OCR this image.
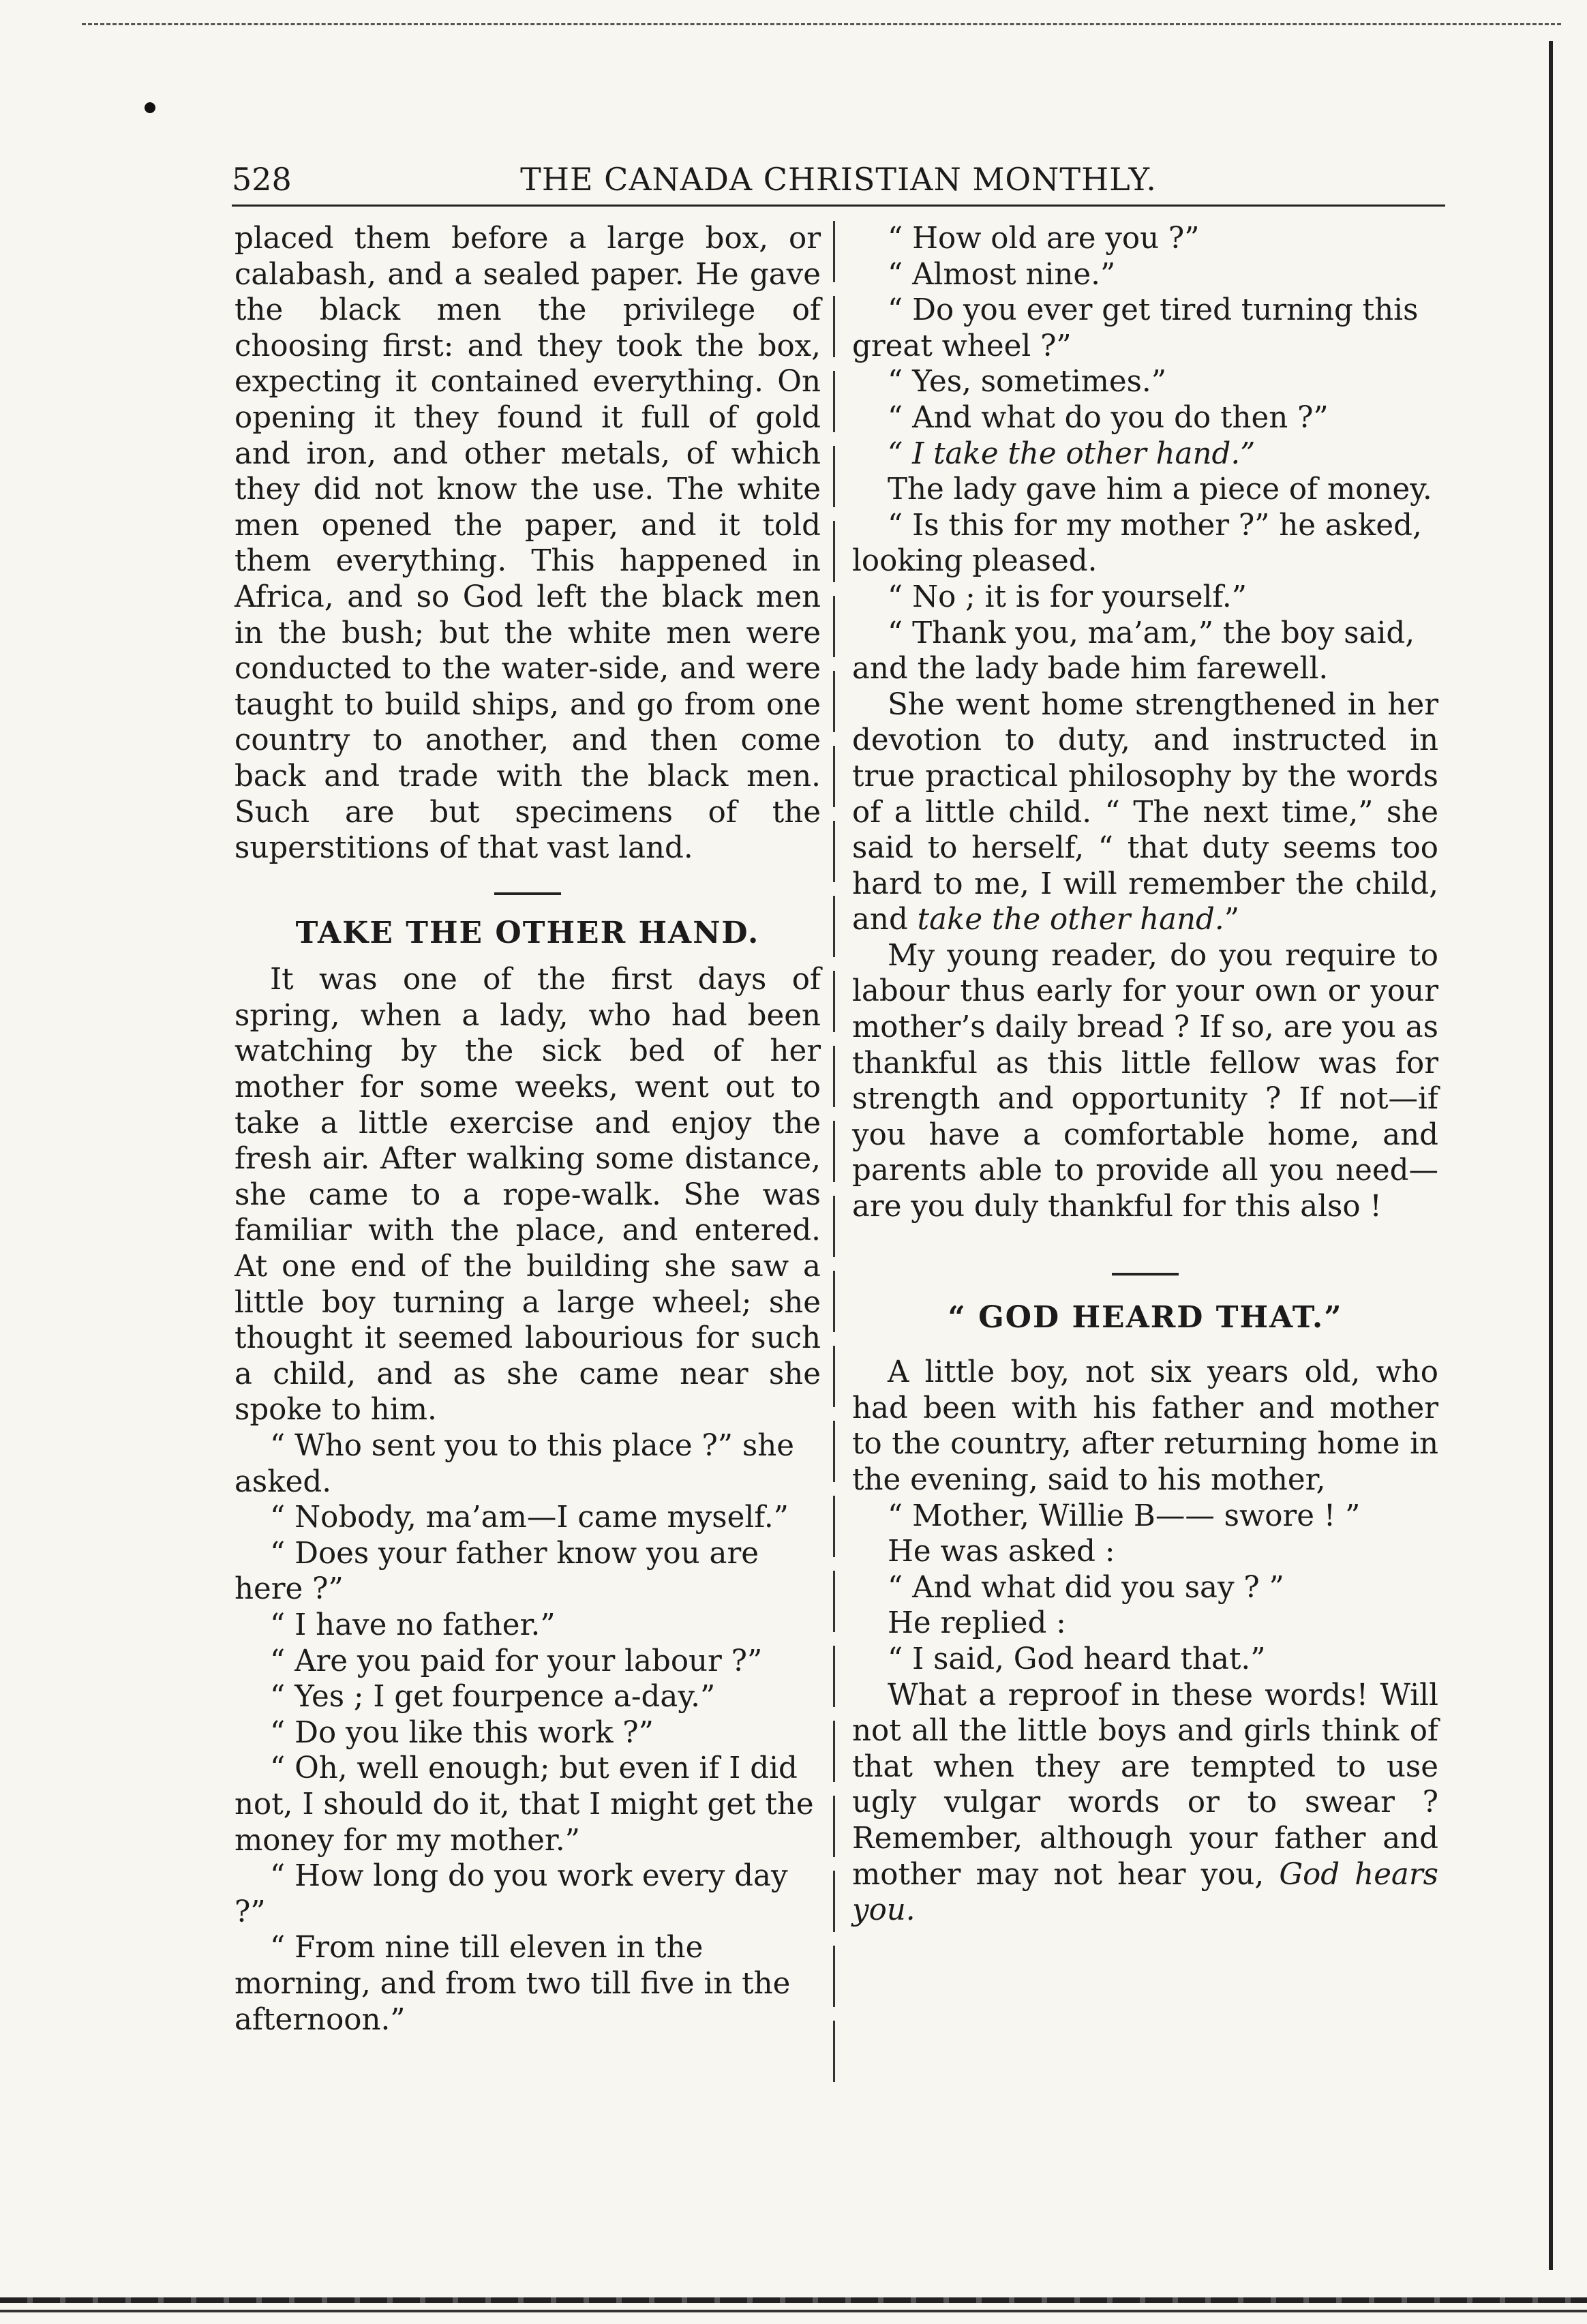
528	THE CANADA CHRISTIAN MONTHLY.

placed them before a large box, or calabash, and a sealed paper. He gave the black men the privilege of choosing first: and they took the box, expecting it contained everything. On opening it they found it full of gold and iron, and other metals, of which they did not know the use. The white men opened the paper, and it told them everything. This happened in Africa, and so God left the black men in the bush; but the white men were conducted to the water-side, and were taught to build ships, and go from one country to another, and then come back and trade with the black men. Such are but specimens of the superstitions of that vast land.

TAKE THE OTHER HAND.

It was one of the first days of spring, when a lady, who had been watching by the sick bed of her mother for some weeks, went out to take a little exercise and enjoy the fresh air. After walking some distance, she came to a rope-walk. She was familiar with the place, and entered. At one end of the building she saw a little boy turning a large wheel; she thought it seemed labourious for such a child, and as she came near she spoke to him.

“ Who sent you to this place ?” she asked.

“ Nobody, ma’am—I came myself.”

“ Does your father know you are here ?”

“ I have no father.”

“ Are you paid for your labour ?”

“ Yes ; I get fourpence a-day.”

“ Do you like this work ?”

“ Oh, well enough; but even if I did not, I should do it, that I might get the money for my mother.”

“ How long do you work every day ?”

“ From nine till eleven in the morning, and from two till five in the afternoon.”

“ How old are you ?”

“ Almost nine.”

“ Do you ever get tired turning this great wheel ?”

“ Yes, sometimes.”

“ And what do you do then ?”

“ I take the other hand.”

The lady gave him a piece of money.

“ Is this for my mother ?” he asked, looking pleased.

“ No ; it is for yourself.”

“ Thank you, ma’am,” the boy said, and the lady bade him farewell.

She went home strengthened in her devotion to duty, and instructed in true practical philosophy by the words of a little child. “ The next time,” she said to herself, “ that duty seems too hard to me, I will remember the child, and take the other hand.”

My young reader, do you require to labour thus early for your own or your mother’s daily bread ? If so, are you as thankful as this little fellow was for strength and opportunity ? If not—if you have a comfortable home, and parents able to provide all you need—are you duly thankful for this also !

“ GOD HEARD THAT.”

A little boy, not six years old, who had been with his father and mother to the country, after returning home in the evening, said to his mother,

“ Mother, Willie B—— swore ! ”

He was asked :

“ And what did you say ? ”

He replied :

“ I said, God heard that.”

What a reproof in these words! Will not all the little boys and girls think of that when they are tempted to use ugly vulgar words or to swear ? Remember, although your father and mother may not hear you, God hears you.
